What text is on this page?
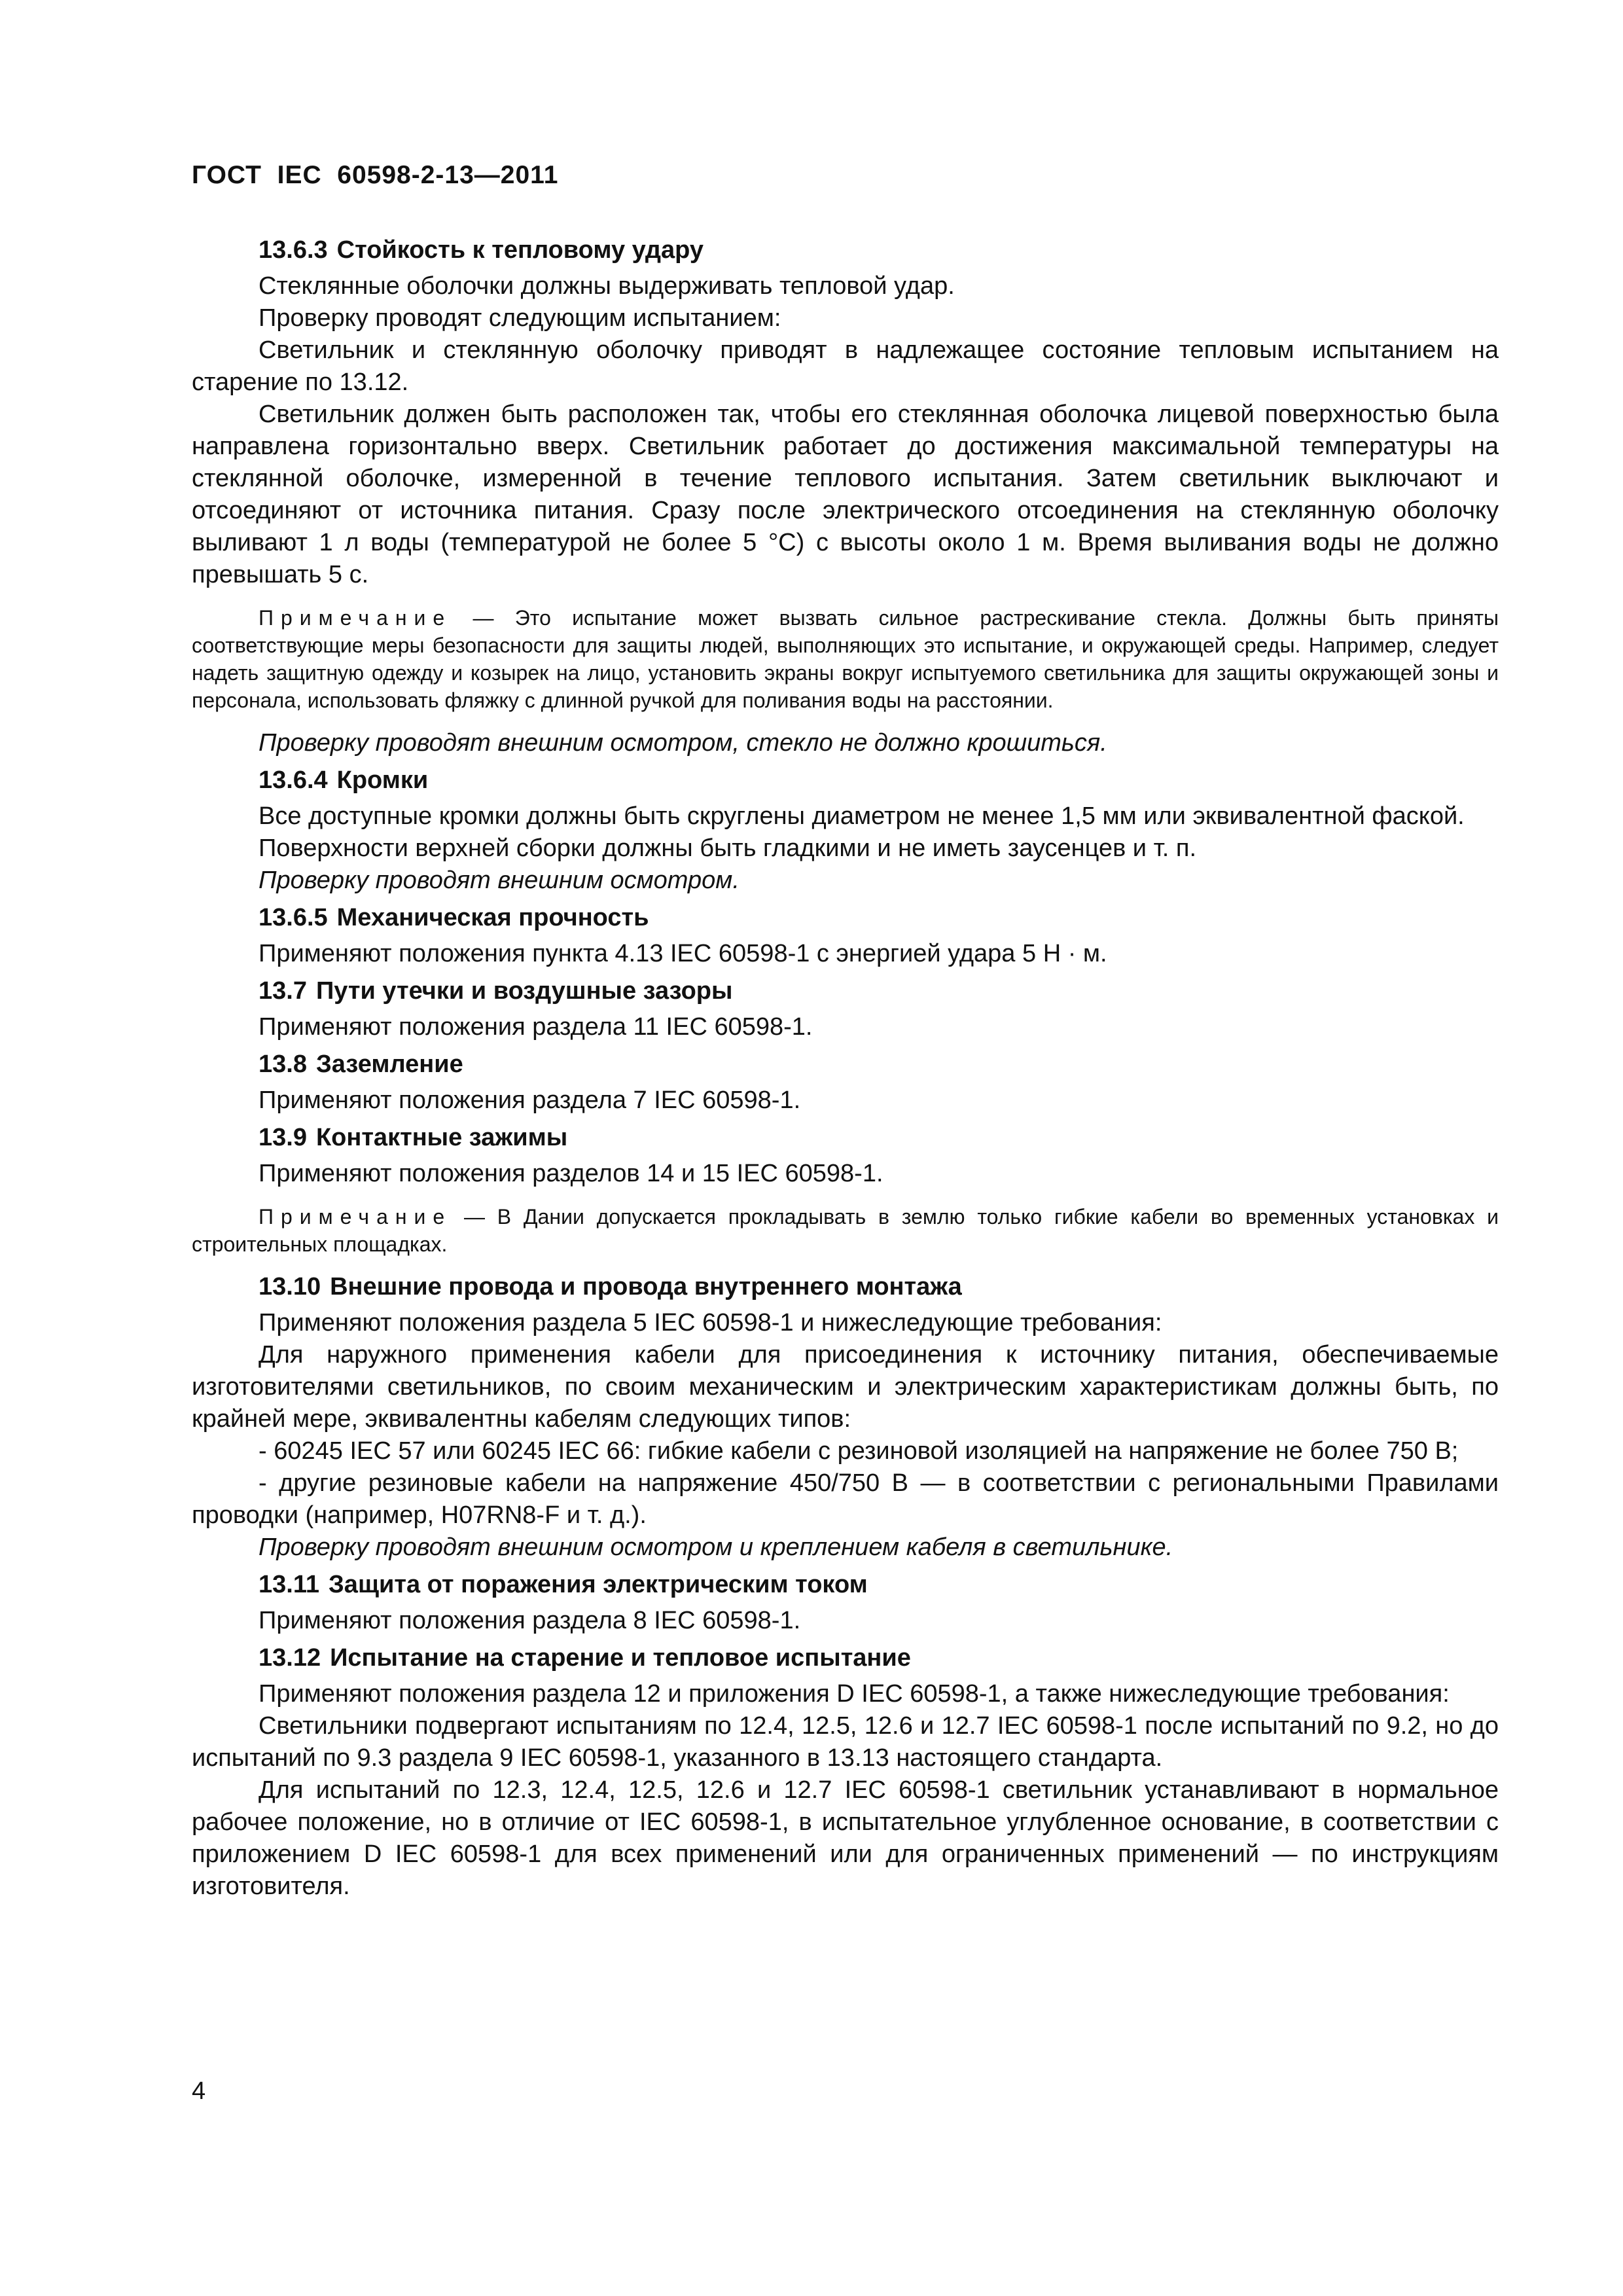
ГОСТ  IEC  60598-2-13—2011

13.6.3 Стойкость к тепловому удару

Стеклянные оболочки должны выдерживать тепловой удар.

Проверку проводят следующим испытанием:

Светильник и стеклянную оболочку приводят в надлежащее состояние тепловым испытанием на старение по 13.12.

Светильник должен быть расположен так, чтобы его стеклянная оболочка лицевой поверхностью была направлена горизонтально вверх. Светильник работает до достижения максимальной температуры на стеклянной оболочке, измеренной в течение теплового испытания. Затем светильник выключают и отсоединяют от источника питания. Сразу после электрического отсоединения на стеклянную оболочку выливают 1 л воды (температурой не более 5 °С) с высоты около 1 м. Время выливания воды не должно превышать 5 с.

Примечание — Это испытание может вызвать сильное растрескивание стекла. Должны быть приняты соответствующие меры безопасности для защиты людей, выполняющих это испытание, и окружающей среды. Например, следует надеть защитную одежду и козырек на лицо, установить экраны вокруг испытуемого светильника для защиты окружающей зоны и персонала, использовать фляжку с длинной ручкой для поливания воды на расстоянии.

Проверку проводят внешним осмотром, стекло не должно крошиться.

13.6.4 Кромки

Все доступные кромки должны быть скруглены диаметром не менее 1,5 мм или эквивалентной фаской.

Поверхности верхней сборки должны быть гладкими и не иметь заусенцев и т. п.

Проверку проводят внешним осмотром.

13.6.5 Механическая прочность

Применяют положения пункта 4.13 IEC 60598-1 с энергией удара 5 Н · м.

13.7 Пути утечки и воздушные зазоры

Применяют положения раздела 11 IEC 60598-1.

13.8 Заземление

Применяют положения раздела 7 IEC 60598-1.

13.9 Контактные зажимы

Применяют положения разделов 14 и 15 IEC 60598-1.

Примечание — В Дании допускается прокладывать в землю только гибкие кабели во временных установках и строительных площадках.

13.10 Внешние провода и провода внутреннего монтажа

Применяют положения раздела 5 IEC 60598-1 и нижеследующие требования:

Для наружного применения кабели для присоединения к источнику питания, обеспечиваемые изготовителями светильников, по своим механическим и электрическим характеристикам должны быть, по крайней мере, эквивалентны кабелям следующих типов:

- 60245 IEC 57 или 60245 IEC 66: гибкие кабели с резиновой изоляцией на напряжение не более 750 В;

- другие резиновые кабели на напряжение 450/750 В — в соответствии с региональными Правилами проводки (например, H07RN8-F и т. д.).

Проверку проводят внешним осмотром и креплением кабеля в светильнике.

13.11 Защита от поражения электрическим током

Применяют положения раздела 8 IEC 60598-1.

13.12 Испытание на старение и тепловое испытание

Применяют положения раздела 12 и приложения D IEC 60598-1, а также нижеследующие требования:

Светильники подвергают испытаниям по 12.4, 12.5, 12.6 и 12.7 IEC 60598-1 после испытаний по 9.2, но до испытаний по 9.3 раздела 9 IEC 60598-1, указанного в 13.13 настоящего стандарта.

Для испытаний по 12.3, 12.4, 12.5, 12.6 и 12.7 IEC 60598-1 светильник устанавливают в нормальное рабочее положение, но в отличие от IEC 60598-1, в испытательное углубленное основание, в соответствии с приложением D IEC 60598-1 для всех применений или для ограниченных применений — по инструкциям изготовителя.

4
